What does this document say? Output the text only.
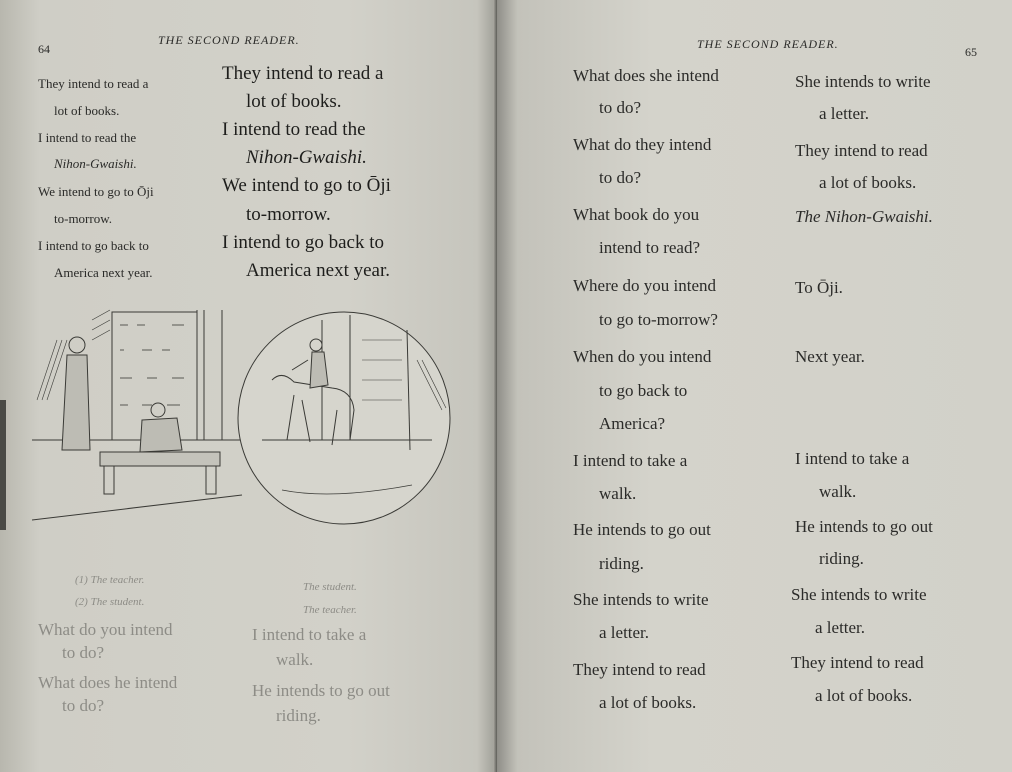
64
THE SECOND READER.
They intend to read a
lot of books.
They intend to read a
lot of books.
I intend to read the
Nihon-Gwaishi.
I intend to read the
Nihon-Gwaishi.
We intend to go to Ōji
to-morrow.
We intend to go to Ōji
to-morrow.
I intend to go back to
America next year.
I intend to go back to
America next year.
(1) The teacher.
(2) The student.
The student.
The teacher.
What do you intend
to do?
I intend to take a
walk.
What does he intend
to do?
He intends to go out
riding.
THE SECOND READER.
65
What does she intend
to do?
She intends to write
a letter.
What do they intend
to do?
They intend to read
a lot of books.
What book do you
intend to read?
The Nihon-Gwaishi.
Where do you intend
to go to-morrow?
To Ōji.
When do you intend
to go back to
America?
Next year.
I intend to take a
walk.
I intend to take a
walk.
He intends to go out
riding.
He intends to go out
riding.
She intends to write
a letter.
She intends to write
a letter.
They intend to read
a lot of books.
They intend to read
a lot of books.
